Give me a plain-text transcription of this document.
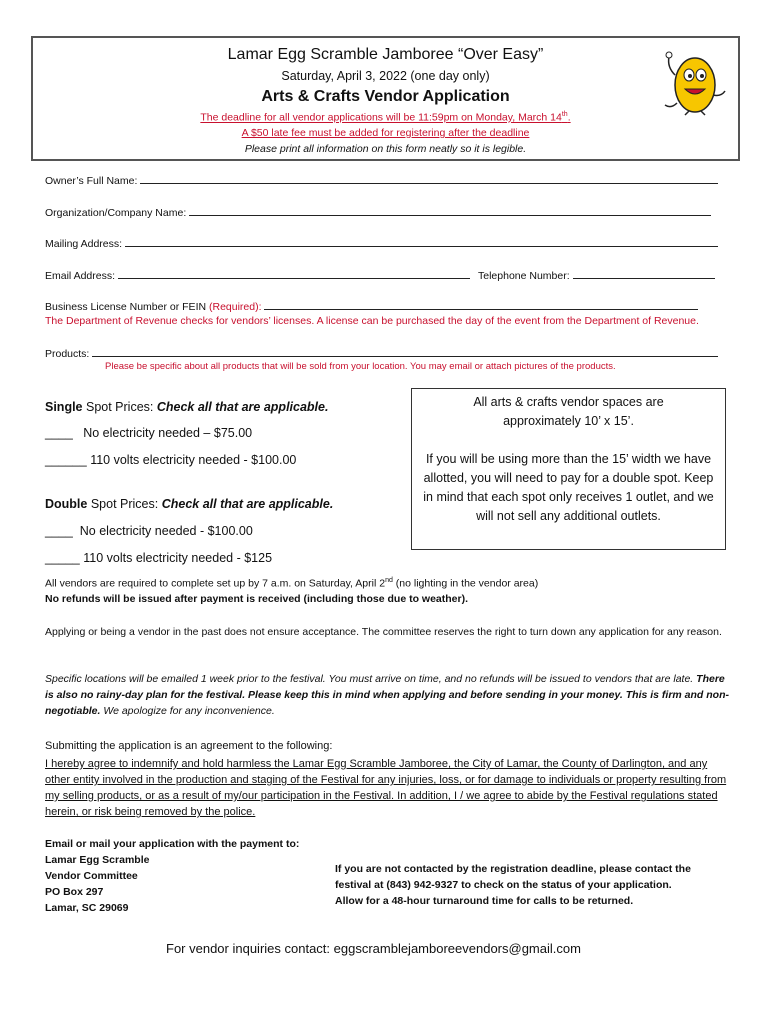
Lamar Egg Scramble Jamboree “Over Easy”
Saturday, April 3, 2022 (one day only)
Arts & Crafts Vendor Application
The deadline for all vendor applications will be 11:59pm on Monday, March 14th.
A $50 late fee must be added for registering after the deadline
Please print all information on this form neatly so it is legible.
Owner’s Full Name:
Organization/Company Name:
Mailing Address:
Email Address:	Telephone Number:
Business License Number or FEIN (Required):
The Department of Revenue checks for vendors’ licenses. A license can be purchased the day of the event from the Department of Revenue.
Products:
Please be specific about all products that will be sold from your location. You may email or attach pictures of the products.
Single Spot Prices: Check all that are applicable.
____ No electricity needed – $75.00
______ 110 volts electricity needed - $100.00
Double Spot Prices: Check all that are applicable.
____ No electricity needed - $100.00
_____ 110 volts electricity needed - $125

All arts & crafts vendor spaces are approximately 10’ x 15’.

If you will be using more than the 15’ width we have allotted, you will need to pay for a double spot. Keep in mind that each spot only receives 1 outlet, and we will not sell any additional outlets.

All vendors are required to complete set up by 7 a.m. on Saturday, April 2nd (no lighting in the vendor area)
No refunds will be issued after payment is received (including those due to weather).
Applying or being a vendor in the past does not ensure acceptance. The committee reserves the right to turn down any application for any reason.
Specific locations will be emailed 1 week prior to the festival. You must arrive on time, and no refunds will be issued to vendors that are late. There is also no rainy-day plan for the festival. Please keep this in mind when applying and before sending in your money. This is firm and non-negotiable. We apologize for any inconvenience.
Submitting the application is an agreement to the following:
I hereby agree to indemnify and hold harmless the Lamar Egg Scramble Jamboree, the City of Lamar, the County of Darlington, and any other entity involved in the production and staging of the Festival for any injuries, loss, or for damage to individuals or property resulting from my selling products, or as a result of my/our participation in the Festival. In addition, I / we agree to abide by the Festival regulations stated herein, or risk being removed by the police.
Email or mail your application with the payment to:
Lamar Egg Scramble
Vendor Committee
PO Box 297
Lamar, SC 29069
If you are not contacted by the registration deadline, please contact the festival at (843) 942-9327 to check on the status of your application. Allow for a 48-hour turnaround time for calls to be returned.
For vendor inquiries contact: eggscramblejamboreevendors@gmail.com
